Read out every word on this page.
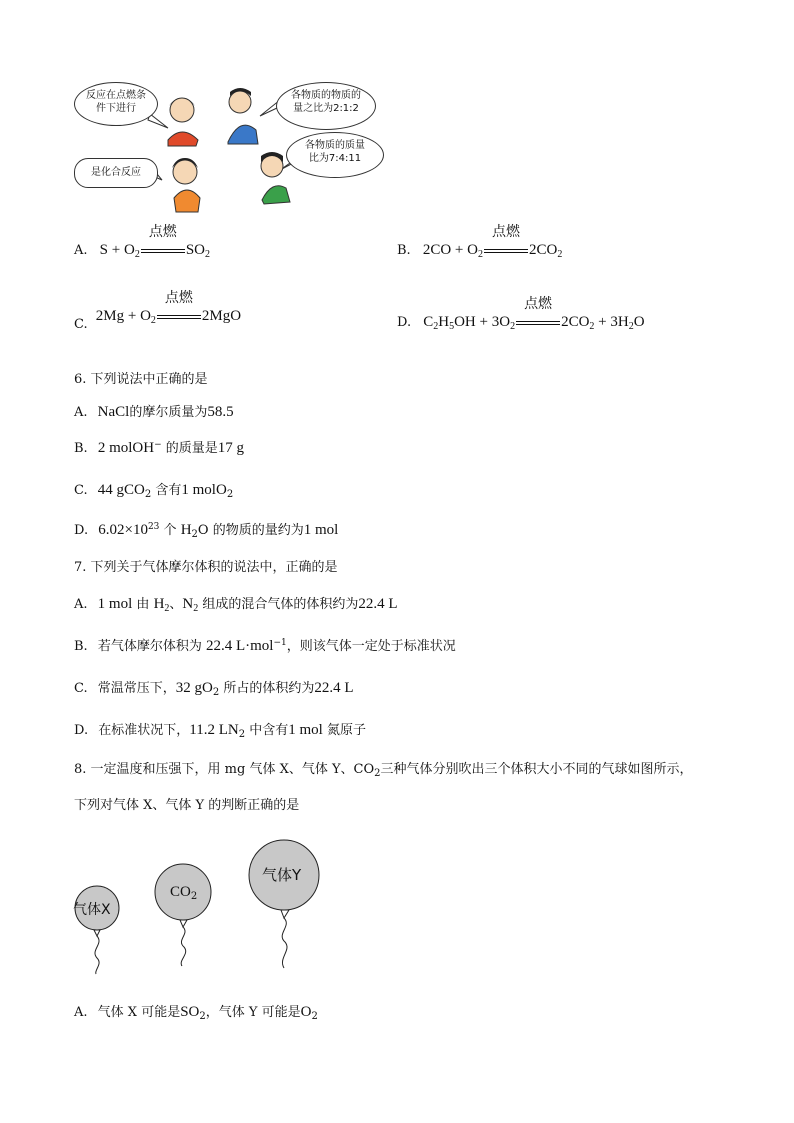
反应在点燃条件下进行
各物质的物质的量之比为2:1:2
各物质的质量比为7:4:11
是化合反应
A. $S + O_2$
点燃
$SO_2$	B. $2CO + O_2$
点燃
$2CO_2$
C. $2Mg + O_2$
点燃
2MgO	D. $C_2H_5OH + 3O_2$
点燃
$2CO_2 + 3H_2O$
6. 下列说法中正确的是
A. NaCl的摩尔质量为58.5
B. 2 molOH− 的质量是17 g
C. 44 gCO$_2$ 含有1 molO$_2$
D. $6.02\times 10^{23}$ 个 $H_2O$ 的物质的量约为1 mol
7. 下列关于气体摩尔体积的说法中，正确的是
A. 1 mol 由 $H_2$、$N_2$ 组成的混合气体的体积约为22.4 L
B. 若气体摩尔体积为 22.4 L·mol$^{-1}$，则该气体一定处于标准状况
C. 常温常压下，32 $gO_2$ 所占的体积约为22.4 L
D. 在标准状况下，11.2 $LN_2$ 中含有1 mol 氮原子
8. 一定温度和压强下，用 mg 气体 X、气体 Y、$CO_2$三种气体分别吹出三个体积大小不同的气球如图所示，
下列对气体 X、气体 Y 的判断正确的是
气体X
$CO_2$
气体Y
A. 气体 X 可能是$SO_2$，气体 Y 可能是$O_2$
